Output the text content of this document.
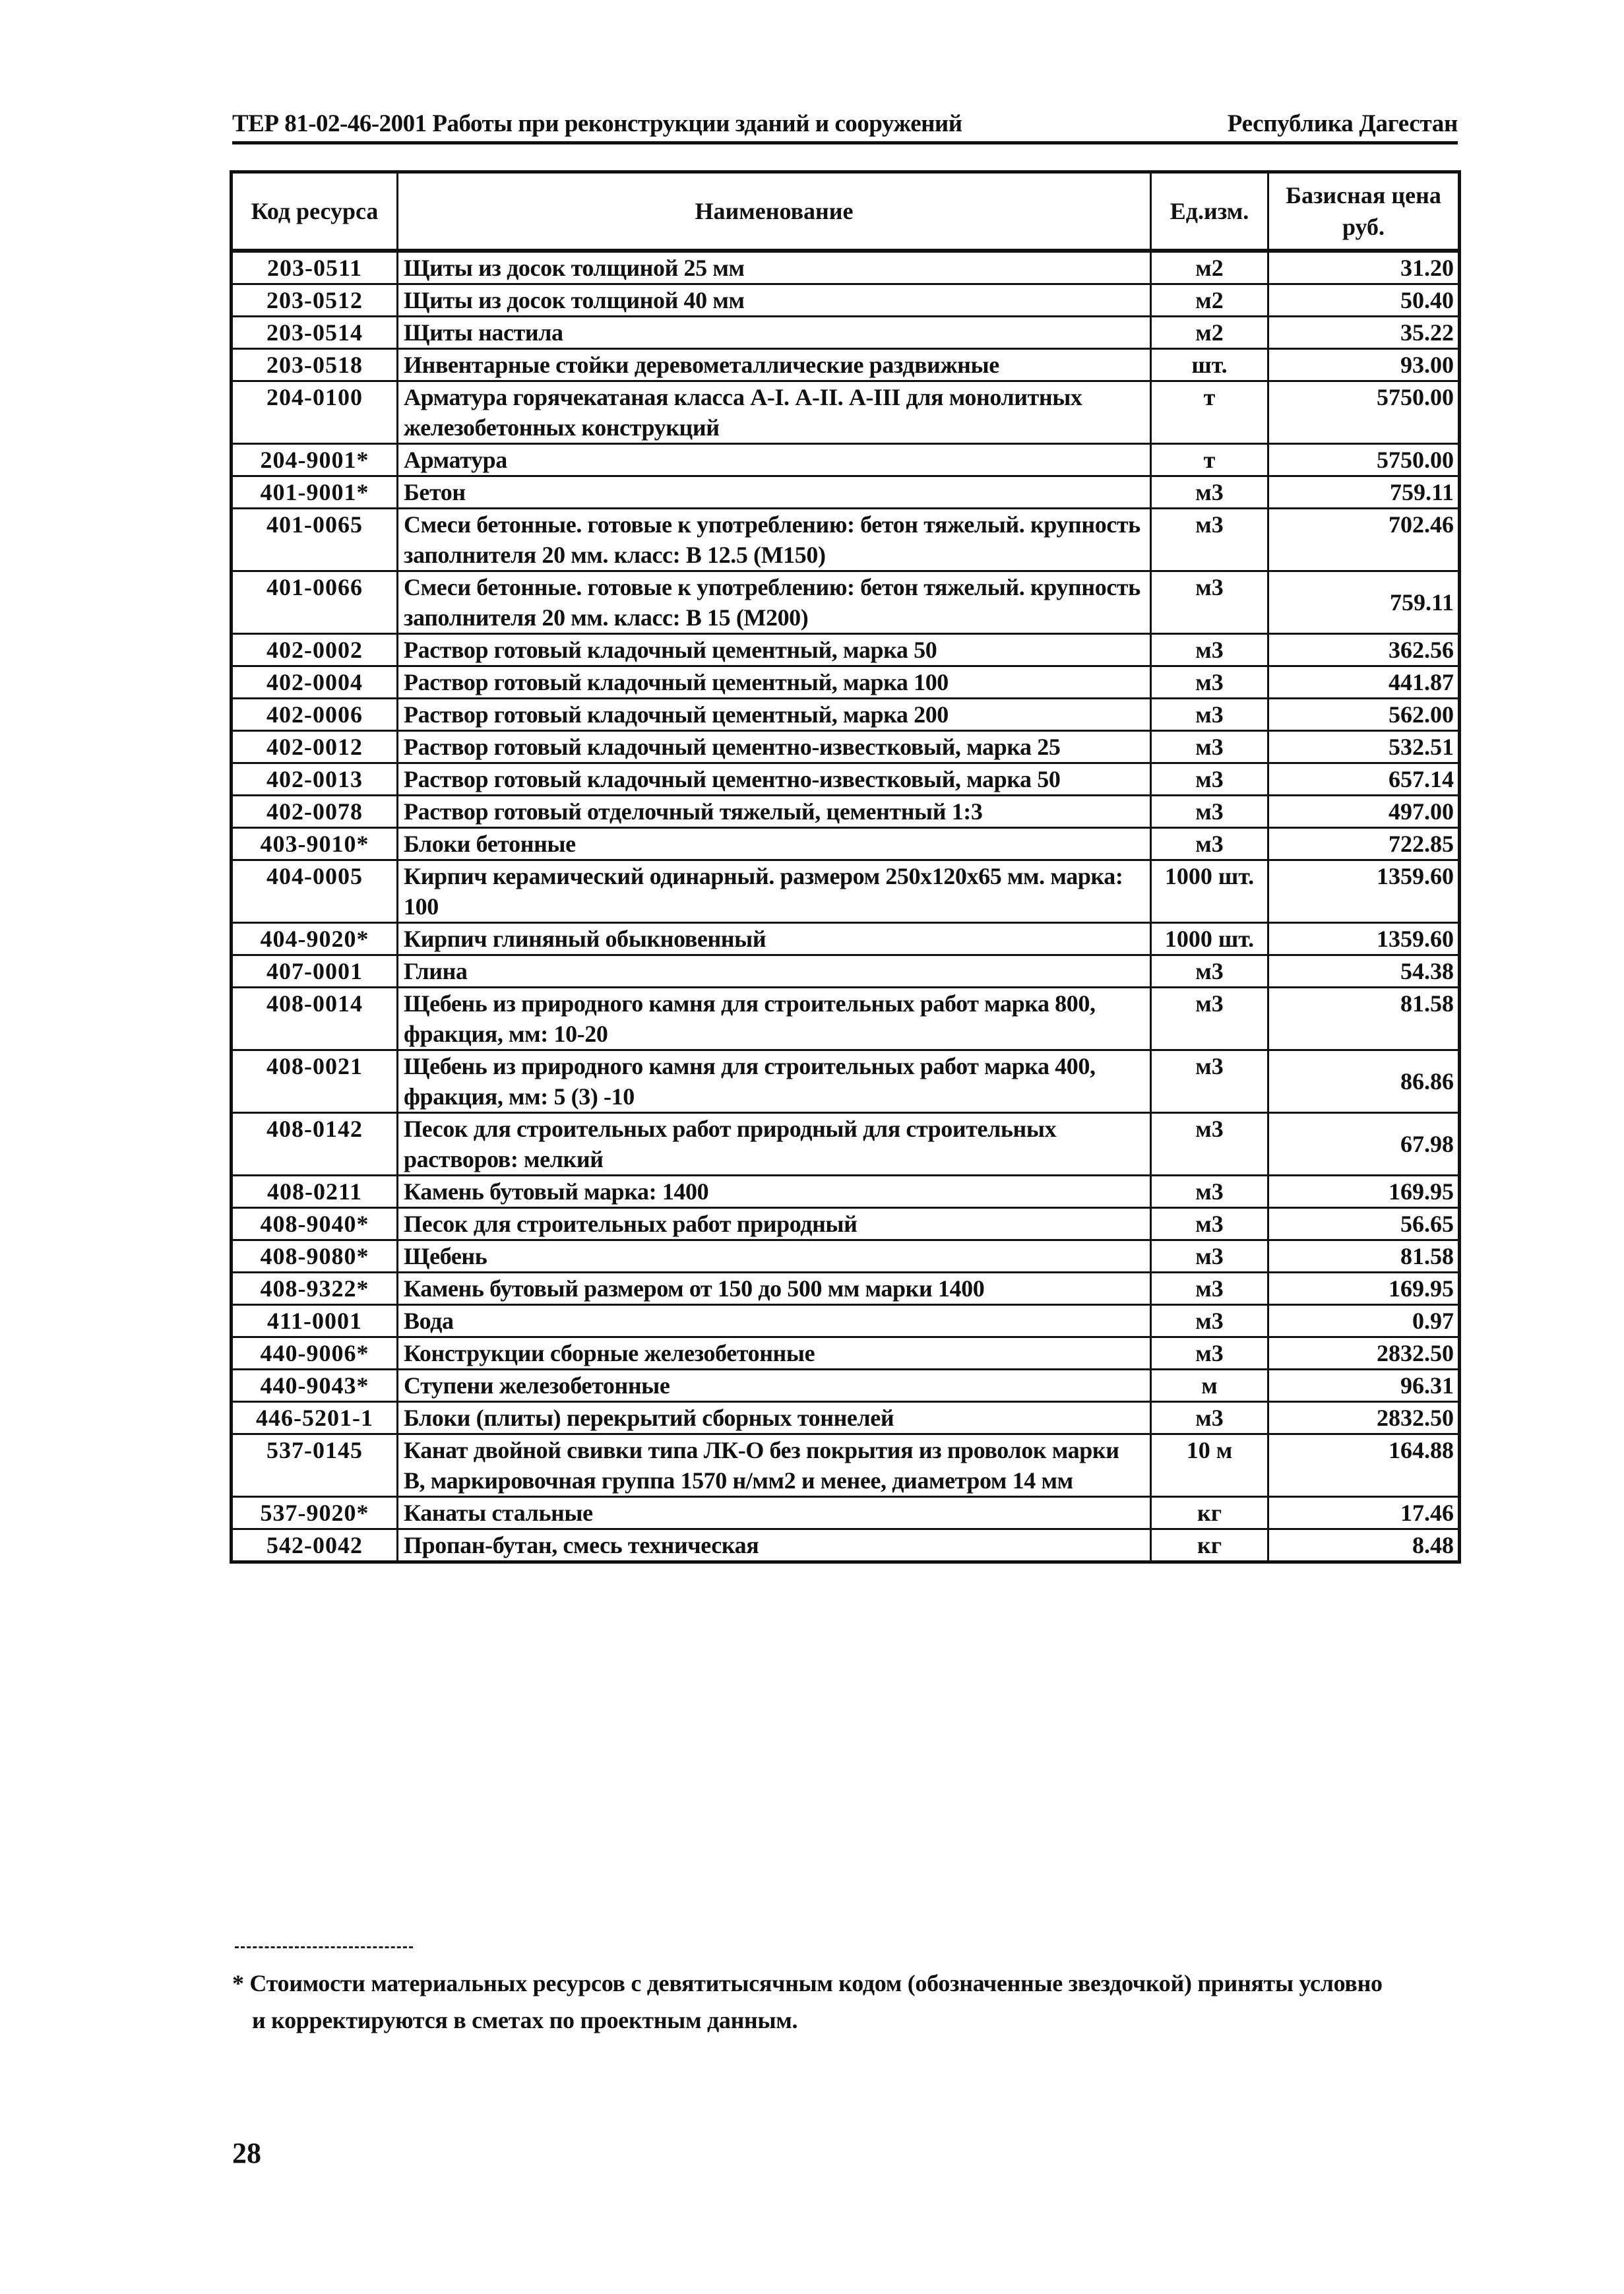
ТЕР 81-02-46-2001 Работы при реконструкции зданий и сооружений	Республика Дагестан
Код ресурса	Наименование	Ед.изм.	Базисная цена
руб.

203-0511	Щиты из досок толщиной 25 мм	м2	31.20
203-0512	Щиты из досок толщиной 40 мм	м2	50.40
203-0514	Щиты настила	м2	35.22
203-0518	Инвентарные стойки деревометаллические раздвижные	шт.	93.00
204-0100	Арматура горячекатаная класса А-I. А-II. А-III для монолитных железобетонных конструкций	т	5750.00
204-9001*	Арматура	т	5750.00
401-9001*	Бетон	м3	759.11
401-0065	Смеси бетонные. готовые к употреблению: бетон тяжелый. крупность заполнителя 20 мм. класс: В 12.5 (М150)	м3	702.46
401-0066	Смеси бетонные. готовые к употреблению: бетон тяжелый. крупность заполнителя 20 мм. класс: В 15 (М200)	м3	759.11
402-0002	Раствор готовый кладочный цементный, марка 50	м3	362.56
402-0004	Раствор готовый кладочный цементный, марка 100	м3	441.87
402-0006	Раствор готовый кладочный цементный, марка 200	м3	562.00
402-0012	Раствор готовый кладочный цементно-известковый, марка 25	м3	532.51
402-0013	Раствор готовый кладочный цементно-известковый, марка 50	м3	657.14
402-0078	Раствор готовый отделочный тяжелый, цементный 1:3	м3	497.00
403-9010*	Блоки бетонные	м3	722.85
404-0005	Кирпич керамический одинарный. размером 250х120х65 мм. марка: 100	1000 шт.	1359.60
404-9020*	Кирпич глиняный обыкновенный	1000 шт.	1359.60
407-0001	Глина	м3	54.38
408-0014	Щебень из природного камня для строительных работ марка 800, фракция, мм: 10-20	м3	81.58
408-0021	Щебень из природного камня для строительных работ марка 400, фракция, мм: 5 (3) -10	м3	86.86
408-0142	Песок для строительных работ природный для строительных растворов: мелкий	м3	67.98
408-0211	Камень бутовый марка: 1400	м3	169.95
408-9040*	Песок для строительных работ природный	м3	56.65
408-9080*	Щебень	м3	81.58
408-9322*	Камень бутовый размером от 150 до 500 мм марки 1400	м3	169.95
411-0001	Вода	м3	0.97
440-9006*	Конструкции сборные железобетонные	м3	2832.50
440-9043*	Ступени железобетонные	м	96.31
446-5201-1	Блоки (плиты) перекрытий сборных тоннелей	м3	2832.50
537-0145	Канат двойной свивки типа ЛК-О без покрытия из проволок марки В, маркировочная группа 1570 н/мм2 и менее, диаметром 14 мм	10 м	164.88
537-9020*	Канаты стальные	кг	17.46
542-0042	Пропан-бутан, смесь техническая	кг	8.48
* Стоимости материальных ресурсов с девятитысячным кодом (обозначенные звездочкой) приняты условно
и корректируются в сметах по проектным данным.
28
